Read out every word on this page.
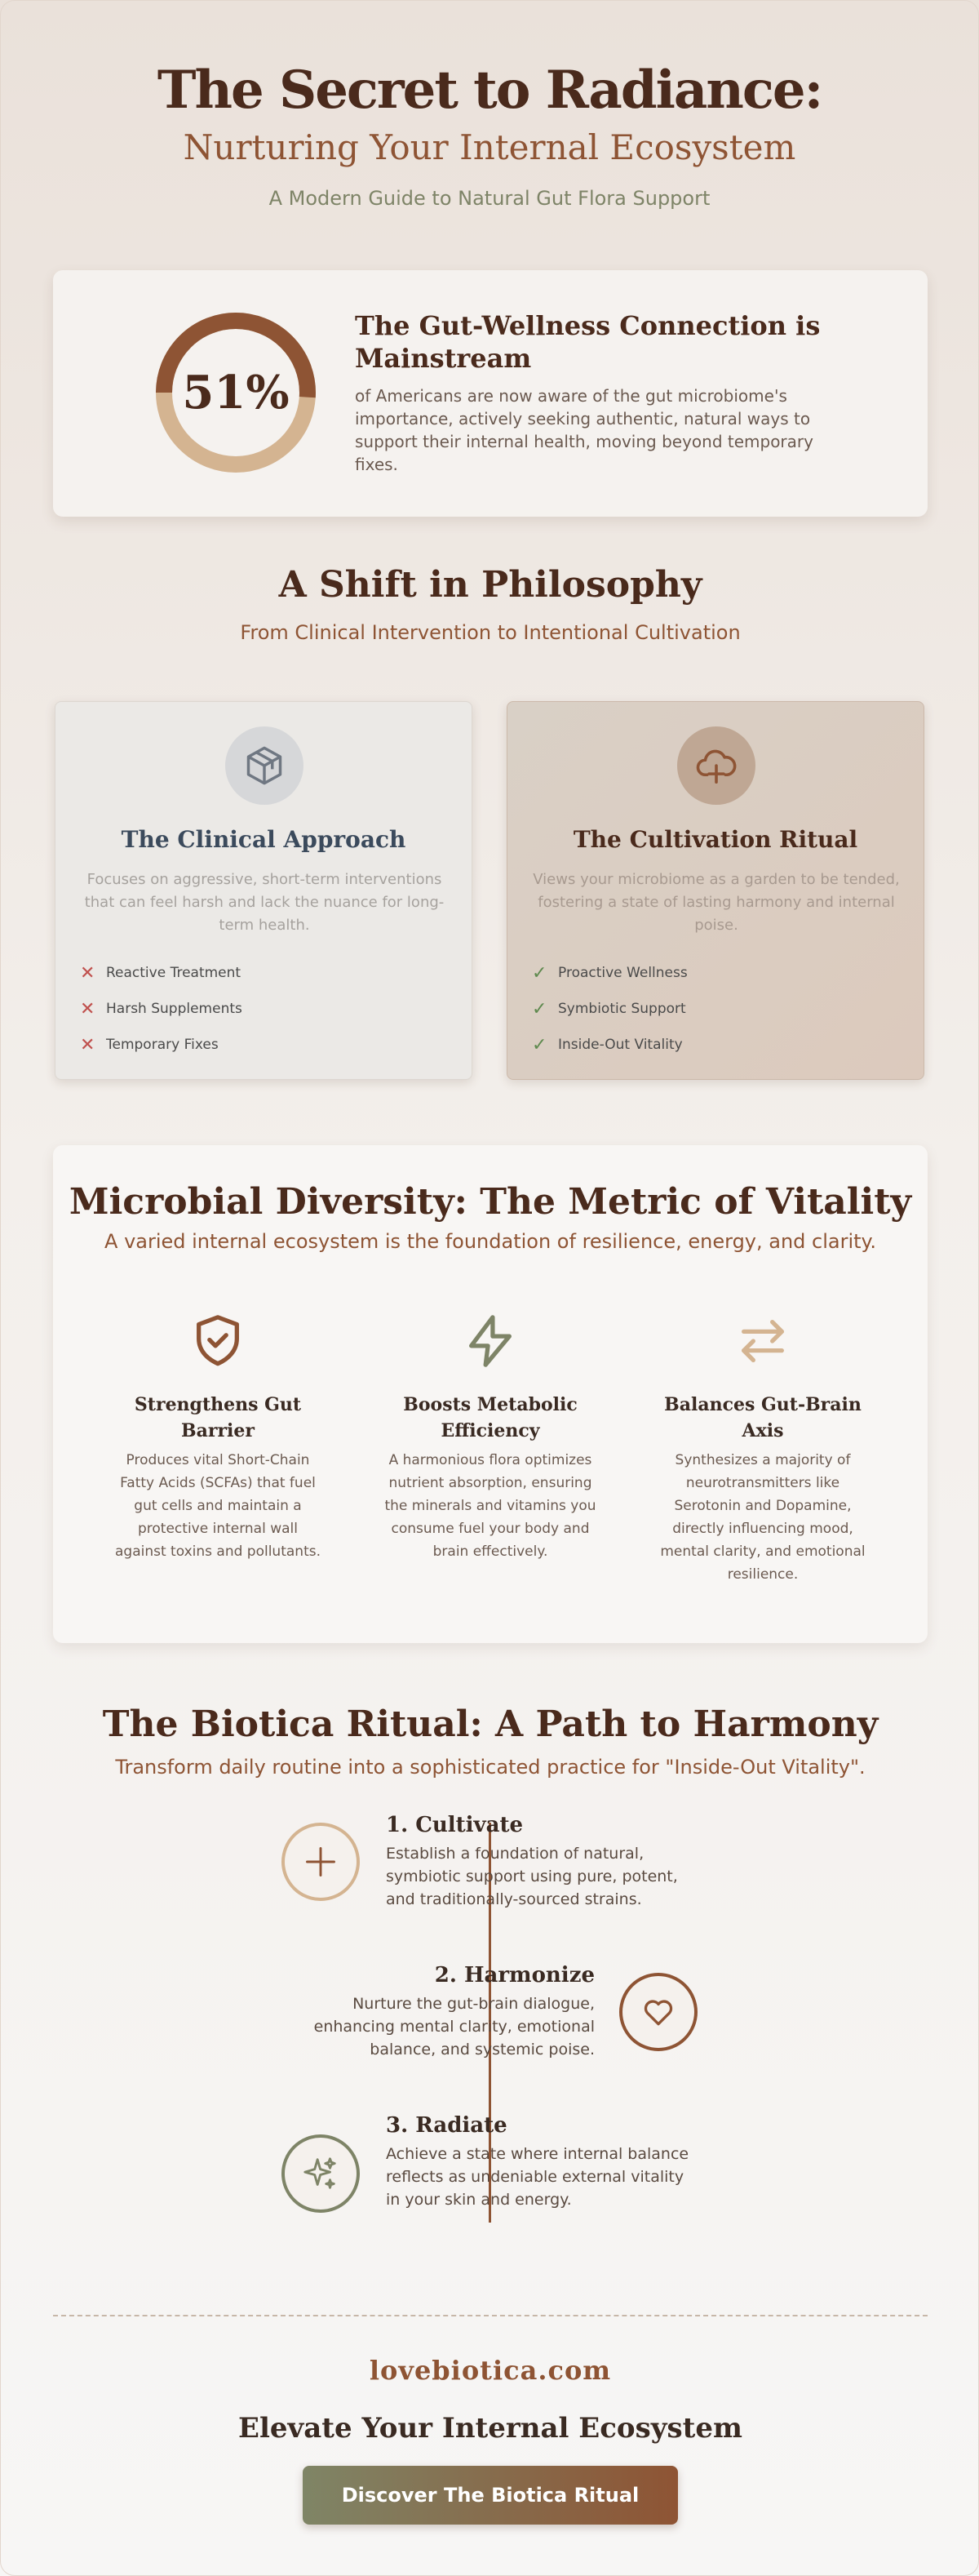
The Secret to Radiance:
Nurturing Your Internal Ecosystem
A Modern Guide to Natural Gut Flora Support
51%
The Gut-Wellness Connection is Mainstream
of Americans are now aware of the gut microbiome's importance, actively seeking authentic, natural ways to support their internal health, moving beyond temporary fixes.
A Shift in Philosophy
From Clinical Intervention to Intentional Cultivation
The Clinical Approach
Focuses on aggressive, short-term interventions that can feel harsh and lack the nuance for long-term health.
✕ Reactive Treatment
✕ Harsh Supplements
✕ Temporary Fixes
The Cultivation Ritual
Views your microbiome as a garden to be tended, fostering a state of lasting harmony and internal poise.
✓ Proactive Wellness
✓ Symbiotic Support
✓ Inside-Out Vitality
Microbial Diversity: The Metric of Vitality
A varied internal ecosystem is the foundation of resilience, energy, and clarity.
Strengthens Gut Barrier
Produces vital Short-Chain Fatty Acids (SCFAs) that fuel gut cells and maintain a protective internal wall against toxins and pollutants.
Boosts Metabolic Efficiency
A harmonious flora optimizes nutrient absorption, ensuring the minerals and vitamins you consume fuel your body and brain effectively.
Balances Gut-Brain Axis
Synthesizes a majority of neurotransmitters like Serotonin and Dopamine, directly influencing mood, mental clarity, and emotional resilience.
The Biotica Ritual: A Path to Harmony
Transform daily routine into a sophisticated practice for "Inside-Out Vitality".
1. Cultivate
Establish a foundation of natural, symbiotic support using pure, potent, and traditionally-sourced strains.
2. Harmonize
Nurture the gut-brain dialogue, enhancing mental clarity, emotional balance, and systemic poise.
3. Radiate
Achieve a state where internal balance reflects as undeniable external vitality in your skin and energy.
lovebiotica.com
Elevate Your Internal Ecosystem
Discover The Biotica Ritual
